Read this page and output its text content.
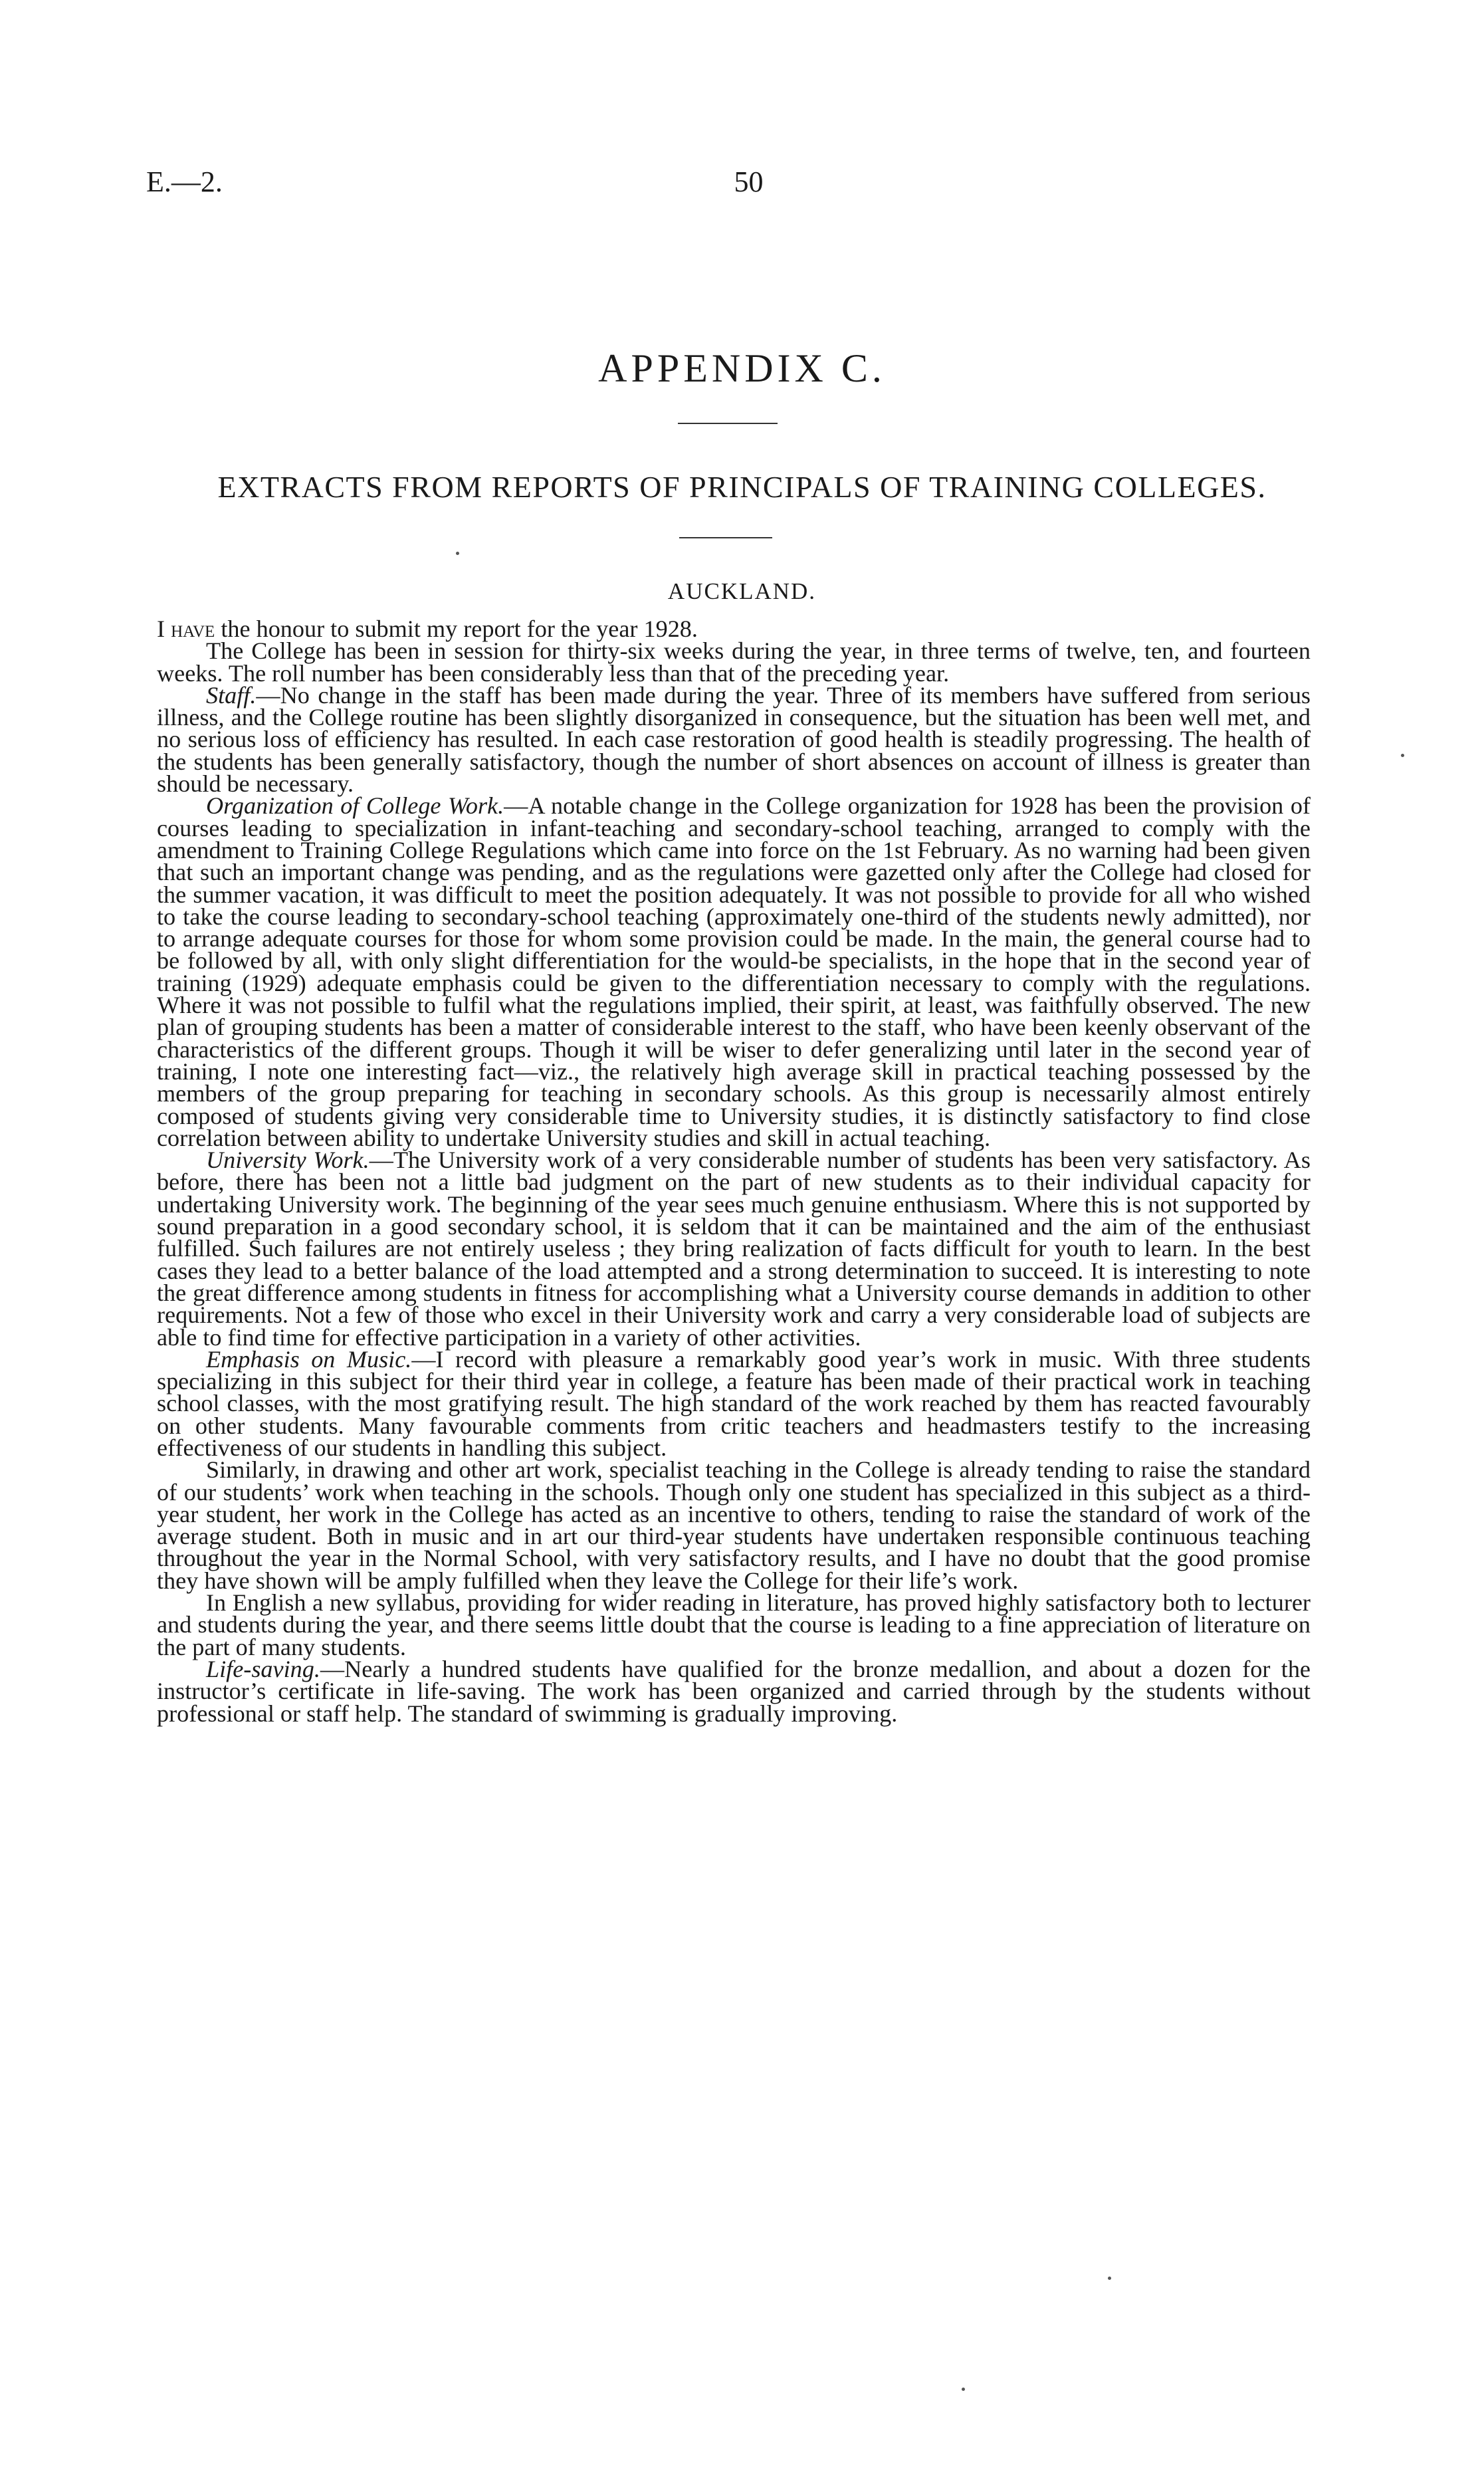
E.—2.	50
APPENDIX C.
EXTRACTS FROM REPORTS OF PRINCIPALS OF TRAINING COLLEGES.
AUCKLAND.

I have the honour to submit my report for the year 1928.

The College has been in session for thirty-six weeks during the year, in three terms of twelve, ten, and fourteen weeks. The roll number has been considerably less than that of the preceding year.

Staff.—No change in the staff has been made during the year. Three of its members have suffered from serious illness, and the College routine has been slightly disorganized in consequence, but the situation has been well met, and no serious loss of efficiency has resulted. In each case restoration of good health is steadily progressing. The health of the students has been generally satisfactory, though the number of short absences on account of illness is greater than should be necessary.

Organization of College Work.—A notable change in the College organization for 1928 has been the provision of courses leading to specialization in infant-teaching and secondary-school teaching, arranged to comply with the amendment to Training College Regulations which came into force on the 1st February. As no warning had been given that such an important change was pending, and as the regulations were gazetted only after the College had closed for the summer vacation, it was difficult to meet the position adequately. It was not possible to provide for all who wished to take the course leading to secondary-school teaching (approximately one-third of the students newly admitted), nor to arrange adequate courses for those for whom some provision could be made. In the main, the general course had to be followed by all, with only slight differentiation for the would-be specialists, in the hope that in the second year of training (1929) adequate emphasis could be given to the differentiation necessary to comply with the regulations. Where it was not possible to fulfil what the regulations implied, their spirit, at least, was faithfully observed. The new plan of grouping students has been a matter of considerable interest to the staff, who have been keenly observant of the characteristics of the different groups. Though it will be wiser to defer generalizing until later in the second year of training, I note one interesting fact—viz., the relatively high average skill in practical teaching possessed by the members of the group preparing for teaching in secondary schools. As this group is necessarily almost entirely composed of students giving very considerable time to University studies, it is distinctly satisfactory to find close correlation between ability to undertake University studies and skill in actual teaching.

University Work.—The University work of a very considerable number of students has been very satisfactory. As before, there has been not a little bad judgment on the part of new students as to their individual capacity for undertaking University work. The beginning of the year sees much genuine enthusiasm. Where this is not supported by sound preparation in a good secondary school, it is seldom that it can be maintained and the aim of the enthusiast fulfilled. Such failures are not entirely useless ; they bring realization of facts difficult for youth to learn. In the best cases they lead to a better balance of the load attempted and a strong determination to succeed. It is interesting to note the great difference among students in fitness for accomplishing what a University course demands in addition to other requirements. Not a few of those who excel in their University work and carry a very considerable load of subjects are able to find time for effective participation in a variety of other activities.

Emphasis on Music.—I record with pleasure a remarkably good year’s work in music. With three students specializing in this subject for their third year in college, a feature has been made of their practical work in teaching school classes, with the most gratifying result. The high standard of the work reached by them has reacted favourably on other students. Many favourable comments from critic teachers and headmasters testify to the increasing effectiveness of our students in handling this subject.

Similarly, in drawing and other art work, specialist teaching in the College is already tending to raise the standard of our students’ work when teaching in the schools. Though only one student has specialized in this subject as a third-year student, her work in the College has acted as an incentive to others, tending to raise the standard of work of the average student. Both in music and in art our third-year students have undertaken responsible continuous teaching throughout the year in the Normal School, with very satisfactory results, and I have no doubt that the good promise they have shown will be amply fulfilled when they leave the College for their life’s work.

In English a new syllabus, providing for wider reading in literature, has proved highly satisfactory both to lecturer and students during the year, and there seems little doubt that the course is leading to a fine appreciation of literature on the part of many students.

Life-saving.—Nearly a hundred students have qualified for the bronze medallion, and about a dozen for the instructor’s certificate in life-saving. The work has been organized and carried through by the students without professional or staff help. The standard of swimming is gradually improving.
